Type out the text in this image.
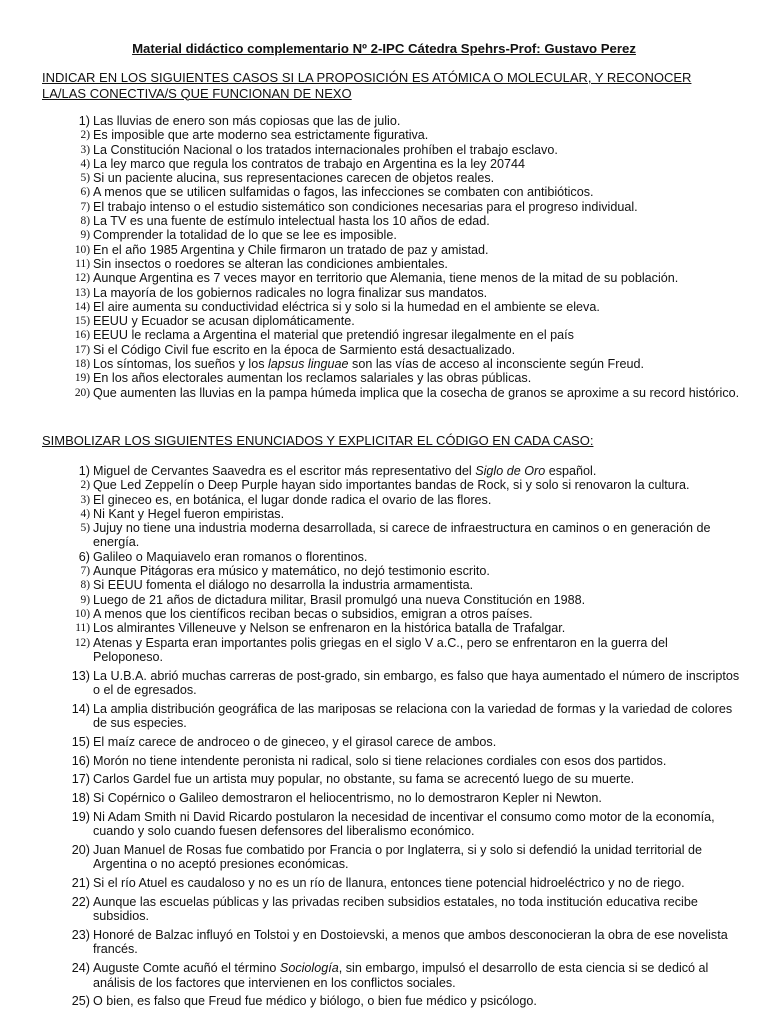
Material didáctico complementario Nº 2-IPC Cátedra Spehrs-Prof: Gustavo Perez
INDICAR EN LOS SIGUIENTES CASOS SI LA PROPOSICIÓN ES ATÓMICA O MOLECULAR, Y RECONOCER LA/LAS CONECTIVA/S QUE FUNCIONAN DE NEXO
1) Las lluvias de enero son más copiosas que las de julio.
2) Es imposible que arte moderno sea estrictamente figurativa.
3) La Constitución Nacional o los tratados internacionales prohíben el trabajo esclavo.
4) La ley marco que regula los contratos de trabajo en Argentina es la ley 20744
5) Si un paciente alucina, sus representaciones carecen de objetos reales.
6) A menos que se utilicen sulfamidas o fagos, las infecciones se combaten con antibióticos.
7) El trabajo intenso o el estudio sistemático son condiciones necesarias para el progreso individual.
8) La TV es una fuente de estímulo intelectual hasta los 10 años de edad.
9) Comprender la totalidad de lo que se lee es imposible.
10) En el año 1985 Argentina y Chile firmaron un tratado de paz y amistad.
11) Sin insectos o roedores se alteran las condiciones ambientales.
12) Aunque Argentina es 7 veces mayor en territorio que Alemania, tiene menos de la mitad de su población.
13) La mayoría de los gobiernos radicales no logra finalizar sus mandatos.
14) El aire aumenta su conductividad eléctrica si y solo si la humedad en el ambiente se eleva.
15) EEUU y Ecuador se acusan diplomáticamente.
16) EEUU le reclama a Argentina el material que pretendió ingresar ilegalmente en el país
17) Si el Código Civil fue escrito en la época de Sarmiento está desactualizado.
18) Los síntomas, los sueños y los lapsus linguae son las vías de acceso al inconsciente según Freud.
19) En los años electorales aumentan los reclamos salariales y las obras públicas.
20) Que aumenten las lluvias en la pampa húmeda implica que la cosecha de granos se aproxime a su record histórico.
SIMBOLIZAR LOS SIGUIENTES ENUNCIADOS Y EXPLICITAR EL CÓDIGO EN CADA CASO:
1) Miguel de Cervantes Saavedra es el escritor más representativo del Siglo de Oro español.
2) Que Led Zeppelín o Deep Purple hayan sido importantes bandas de Rock, si y solo si renovaron la cultura.
3) El gineceo es, en botánica, el lugar donde radica el ovario de las flores.
4) Ni Kant y Hegel fueron empiristas.
5) Jujuy no tiene una industria moderna desarrollada, si carece de infraestructura en caminos o en generación de energía.
6) Galileo o Maquiavelo eran romanos o florentinos.
7) Aunque Pitágoras era músico y matemático, no dejó testimonio escrito.
8) Si EEUU fomenta el diálogo no desarrolla la industria armamentista.
9) Luego de 21 años de dictadura militar, Brasil promulgó una nueva Constitución en 1988.
10) A menos que los científicos reciban becas o subsidios, emigran a otros países.
11) Los almirantes Villeneuve y Nelson se enfrenaron en la histórica batalla de Trafalgar.
12) Atenas y Esparta eran importantes polis griegas en el siglo V a.C., pero se enfrentaron en la guerra del Peloponeso.
13) La U.B.A. abrió muchas carreras de post-grado, sin embargo, es falso que haya aumentado el número de inscriptos o el de egresados.
14) La amplia distribución geográfica de las mariposas se relaciona con la variedad de formas y la variedad de colores de sus especies.
15) El maíz carece de androceo o de gineceo, y el girasol carece de ambos.
16) Morón no tiene intendente peronista ni radical, solo si tiene relaciones cordiales con esos dos partidos.
17) Carlos Gardel fue un artista muy popular, no obstante, su fama se acrecentó luego de su muerte.
18) Si Copérnico o Galileo demostraron el heliocentrismo, no lo demostraron Kepler ni Newton.
19) Ni Adam Smith ni David Ricardo postularon la necesidad de incentivar el consumo como motor de la economía, cuando y solo cuando fuesen defensores del liberalismo económico.
20) Juan Manuel de Rosas fue combatido por Francia o por Inglaterra, si y solo si defendió la unidad territorial de Argentina o no aceptó presiones económicas.
21) Si el río Atuel es caudaloso y no es un río de llanura, entonces tiene potencial hidroeléctrico y no de riego.
22) Aunque las escuelas públicas y las privadas reciben subsidios estatales, no toda institución educativa recibe subsidios.
23) Honoré de Balzac influyó en Tolstoi y en Dostoievski, a menos que ambos desconocieran la obra de ese novelista francés.
24) Auguste Comte acuñó el término Sociología, sin embargo, impulsó el desarrollo de esta ciencia si se dedicó al análisis de los factores que intervienen en los conflictos sociales.
25) O bien, es falso que Freud fue médico y biólogo, o bien fue médico y psicólogo.
